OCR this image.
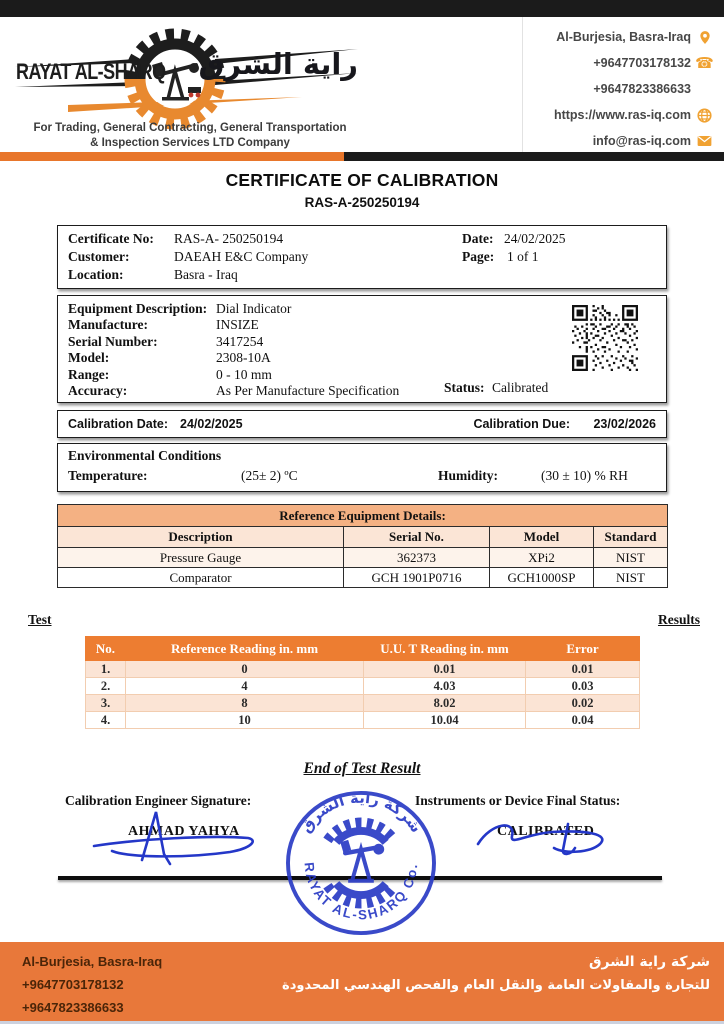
RAYAT AL-SHARQ راية الشرق
For Trading, General Contracting, General Transportation
& Inspection Services LTD Company
Al-Burjesia, Basra-Iraq
+9647703178132 ☎
+9647823386633
https://www.ras-iq.com
info@ras-iq.com
CERTIFICATE OF CALIBRATION
RAS-A-250250194
Certificate No: RAS-A- 250250194
Customer:	DAEAH E&C Company
Location:	Basra - Iraq
Date: 24/02/2025
Page: 1 of 1
Equipment Description: Dial Indicator
Manufacture:	INSIZE
Serial Number:	3417254
Model:	2308-10A
Range:	0 - 10 mm
Accuracy:	As Per Manufacture Specification	Status: Calibrated
Calibration Date: 24/02/2025	Calibration Due: 23/02/2026
Environmental Conditions
Temperature:	(25± 2) ºC	Humidity:	(30 ± 10) % RH
Reference Equipment Details:			
Description	Serial No.	Model	Standard
Pressure Gauge	362373	XPi2	NIST
Comparator	GCH 1901P0716	GCH1000SP	NIST
Test	Results
No.	Reference Reading in. mm	U.U. T Reading in. mm	Error
1.	0	0.01	0.01
2.	4	4.03	0.03
3.	8	8.02	0.02
4.	10	10.04	0.04
End of Test Result
Calibration Engineer Signature:	Instruments or Device Final Status:
AHMAD YAHYA	CALIBRATED
شركة راية الشرق
RAYAT AL-SHARQ Co.
Al-Burjesia, Basra-Iraq
+9647703178132
+9647823386633
شركة راية الشرق
للتجارة والمقاولات العامة والنقل العام والفحص الهندسي المحدودة
